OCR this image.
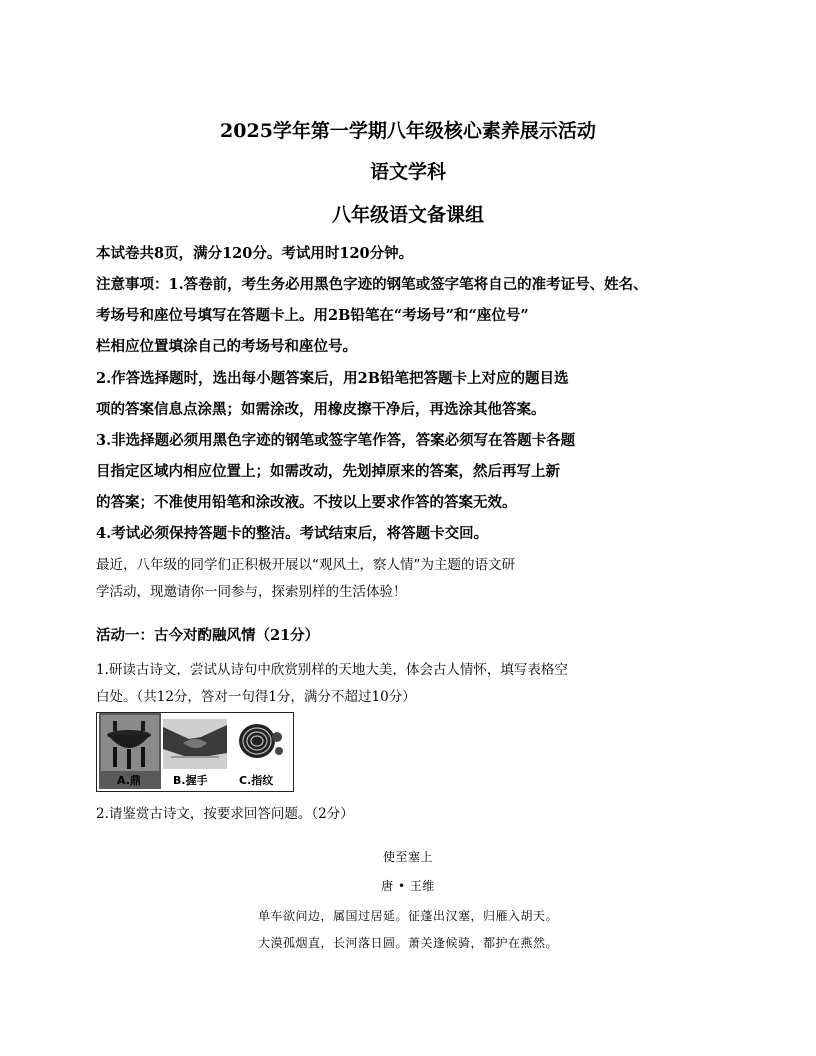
2025学年第一学期八年级核心素养展示活动
语文学科
八年级语文备课组
本试卷共8页，满分120分。考试用时120分钟。
注意事项：1.答卷前，考生务必用黑色字迹的钢笔或签字笔将自己的准考证号、姓名、
考场号和座位号填写在答题卡上。用2B铅笔在“考场号”和“座位号”
栏相应位置填涂自己的考场号和座位号。
2.作答选择题时，选出每小题答案后，用2B铅笔把答题卡上对应的题目选
项的答案信息点涂黑；如需涂改，用橡皮擦干净后，再选涂其他答案。
3.非选择题必须用黑色字迹的钢笔或签字笔作答，答案必须写在答题卡各题
目指定区域内相应位置上；如需改动，先划掉原来的答案，然后再写上新
的答案；不准使用铅笔和涂改液。不按以上要求作答的答案无效。
4.考试必须保持答题卡的整洁。考试结束后，将答题卡交回。
最近，八年级的同学们正积极开展以“观风土，察人情”为主题的语文研
学活动，现邀请你一同参与，探索别样的生活体验！
活动一：古今对酌融风情（21分）
1.研读古诗文，尝试从诗句中欣赏别样的天地大美，体会古人情怀，填写表格空
白处。（共12分，答对一句得1分，满分不超过10分）
A.鼎	B.握手	C.指纹
2.请鉴赏古诗文，按要求回答问题。（2分）
使至塞上
唐 • 王维
单车欲问边，属国过居延。征蓬出汉塞，归雁入胡天。
大漠孤烟直，长河落日圆。萧关逢候骑，都护在燕然。
